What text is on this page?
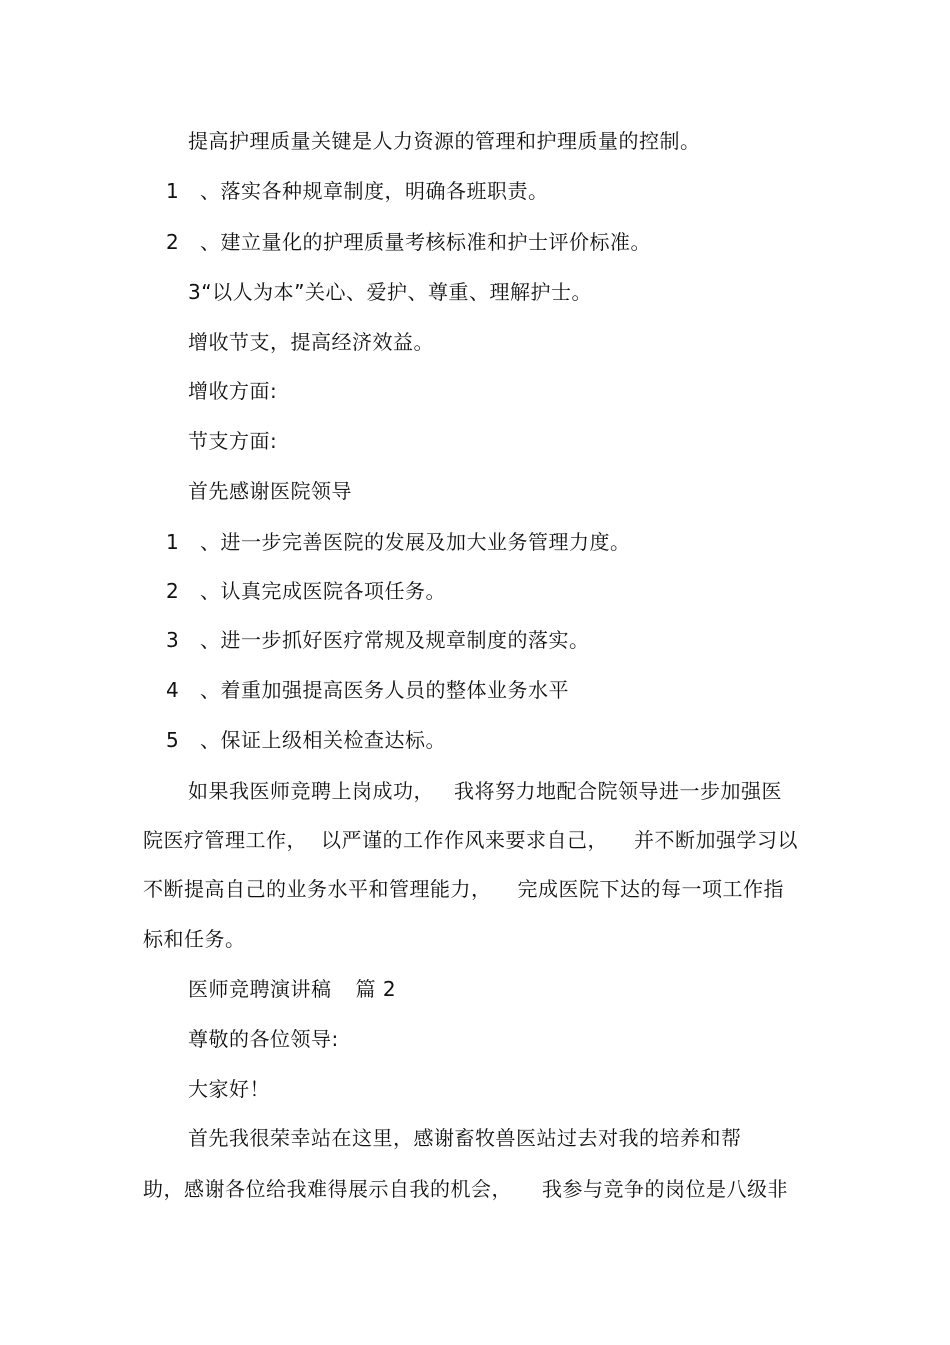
提高护理质量关键是人力资源的管理和护理质量的控制。
1 、落实各种规章制度，明确各班职责。
2 、建立量化的护理质量考核标准和护士评价标准。
3“以人为本”关心、爱护、尊重、理解护士。
增收节支，提高经济效益。
增收方面:
节支方面:
首先感谢医院领导
1 、进一步完善医院的发展及加大业务管理力度。
2 、认真完成医院各项任务。
3 、进一步抓好医疗常规及规章制度的落实。
4 、着重加强提高医务人员的整体业务水平
5 、保证上级相关检查达标。
如果我医师竞聘上岗成功， 我将努力地配合院领导进一步加强医
院医疗管理工作， 以严谨的工作作风来要求自己， 并不断加强学习以
不断提高自己的业务水平和管理能力， 完成医院下达的每一项工作指
标和任务。
医师竞聘演讲稿 篇 2
尊敬的各位领导:
大家好！
首先我很荣幸站在这里，感谢畜牧兽医站过去对我的培养和帮
助，感谢各位给我难得展示自我的机会， 我参与竞争的岗位是八级非
